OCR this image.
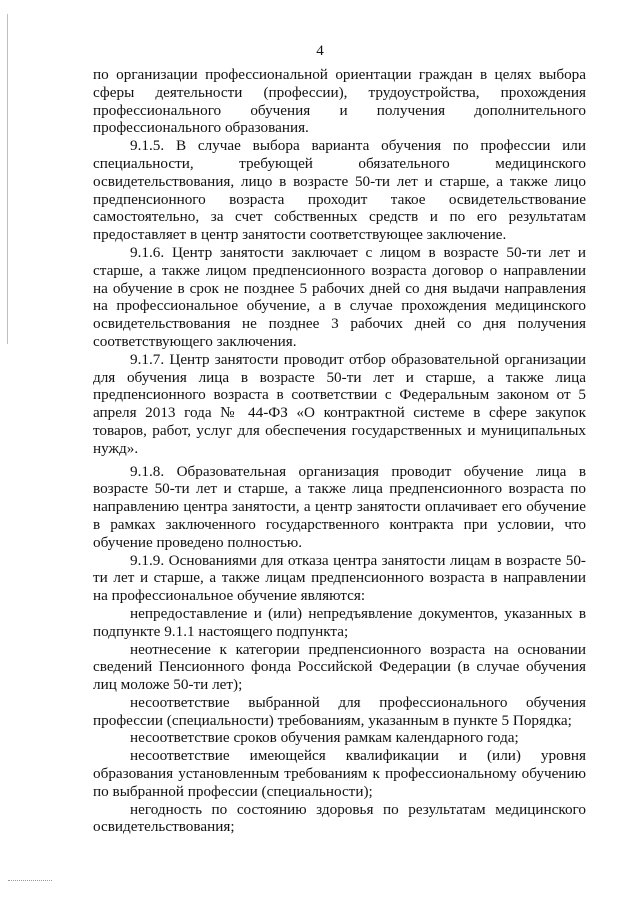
4

по организации профессиональной ориентации граждан в целях выбора сферы деятельности (профессии), трудоустройства, прохождения профессионального обучения и получения дополнительного профессионального образования.

9.1.5. В случае выбора варианта обучения по профессии или специальности, требующей обязательного медицинского освидетельствования, лицо в возрасте 50-ти лет и старше, а также лицо предпенсионного возраста проходит такое освидетельствование самостоятельно, за счет собственных средств и по его результатам предоставляет в центр занятости соответствующее заключение.

9.1.6. Центр занятости заключает с лицом в возрасте 50-ти лет и старше, а также лицом предпенсионного возраста договор о направлении на обучение в срок не позднее 5 рабочих дней со дня выдачи направления на профессиональное обучение, а в случае прохождения медицинского освидетельствования не позднее 3 рабочих дней со дня получения соответствующего заключения.

9.1.7. Центр занятости проводит отбор образовательной организации для обучения лица в возрасте 50-ти лет и старше, а также лица предпенсионного возраста в соответствии с Федеральным законом от 5 апреля 2013 года № 44-ФЗ «О контрактной системе в сфере закупок товаров, работ, услуг для обеспечения государственных и муниципальных нужд».

9.1.8. Образовательная организация проводит обучение лица в возрасте 50-ти лет и старше, а также лица предпенсионного возраста по направлению центра занятости, а центр занятости оплачивает его обучение в рамках заключенного государственного контракта при условии, что обучение проведено полностью.

9.1.9. Основаниями для отказа центра занятости лицам в возрасте 50-ти лет и старше, а также лицам предпенсионного возраста в направлении на профессиональное обучение являются:

непредоставление и (или) непредъявление документов, указанных в подпункте 9.1.1 настоящего подпункта;

неотнесение к категории предпенсионного возраста на основании сведений Пенсионного фонда Российской Федерации (в случае обучения лиц моложе 50-ти лет);

несоответствие выбранной для профессионального обучения профессии (специальности) требованиям, указанным в пункте 5 Порядка;

несоответствие сроков обучения рамкам календарного года;

несоответствие имеющейся квалификации и (или) уровня образования установленным требованиям к профессиональному обучению по выбранной профессии (специальности);

негодность по состоянию здоровья по результатам медицинского освидетельствования;
